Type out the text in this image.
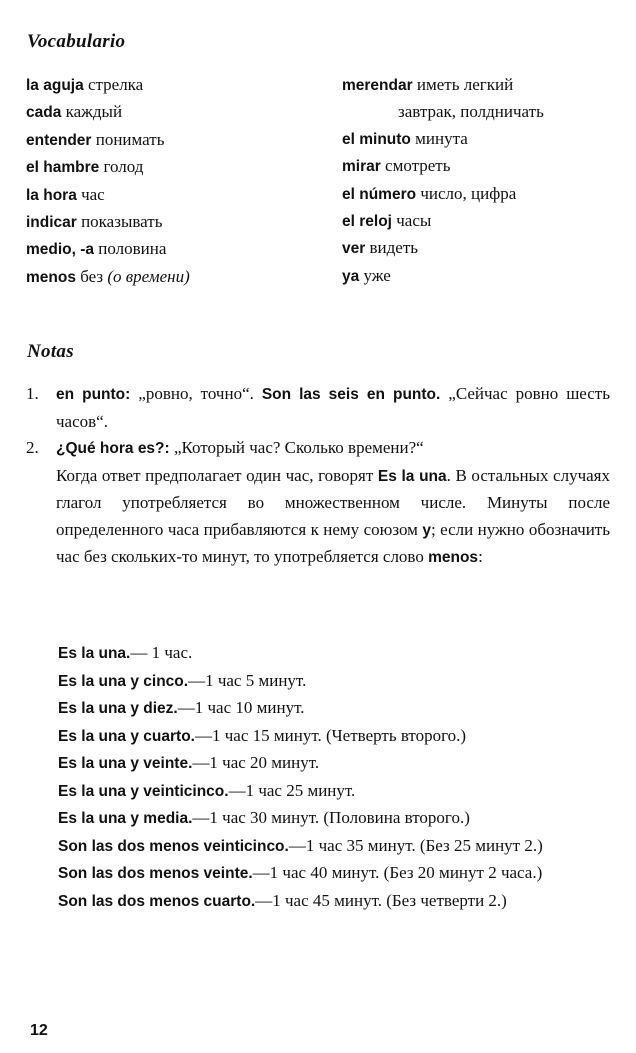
Vocabulario
la aguja стрелка
cada каждый
entender понимать
el hambre голод
la hora час
indicar показывать
medio, -a половина
menos без (о времени)
merendar иметь легкий
завтрак, полдничать
el minuto минута
mirar смотреть
el número число, цифра
el reloj часы
ver видеть
ya уже
Notas
1. en punto: „ровно, точно“. Son las seis en punto. „Сейчас ровно шесть часов“.

2. ¿Qué hora es?: „Который час? Сколько времени?“

Когда ответ предполагает один час, говорят Es la una. В остальных случаях глагол употребляется во множественном числе. Минуты после определенного часа прибавляются к нему союзом y; если нужно обозначить час без скольких-то минут, то употребляется слово menos:

Es la una.— 1 час.
Es la una y cinco.—1 час 5 минут.
Es la una y diez.—1 час 10 минут.
Es la una y cuarto.—1 час 15 минут. (Четверть второго.)
Es la una y veinte.—1 час 20 минут.
Es la una y veinticinco.—1 час 25 минут.
Es la una y media.—1 час 30 минут. (Половина второго.)
Son las dos menos veinticinco.—1 час 35 минут. (Без 25 минут 2.)
Son las dos menos veinte.—1 час 40 минут. (Без 20 минут 2 часа.)
Son las dos menos cuarto.—1 час 45 минут. (Без четверти 2.)
12
